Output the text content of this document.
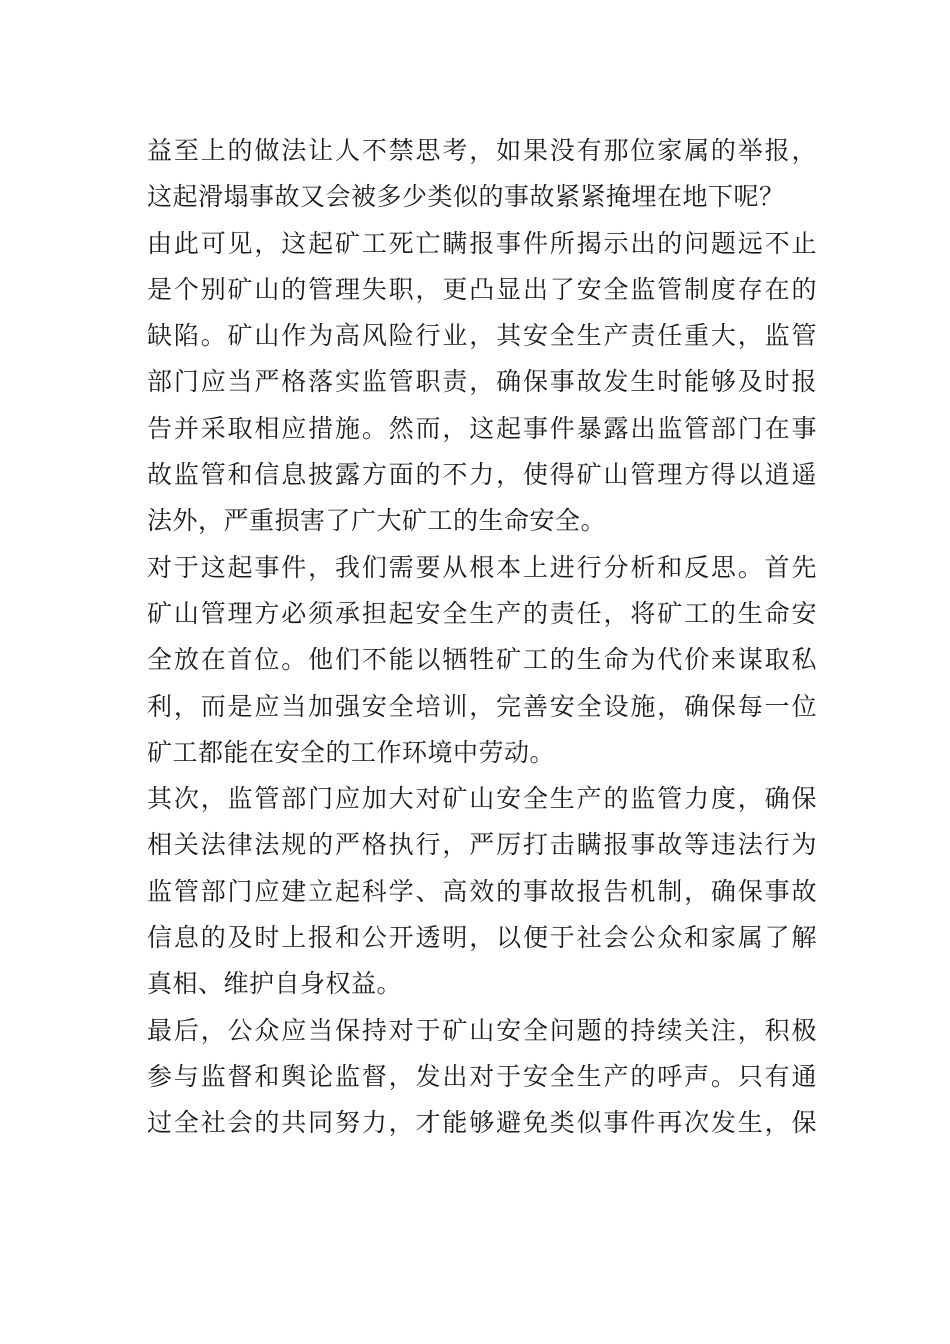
益至上的做法让人不禁思考，如果没有那位家属的举报，
这起滑塌事故又会被多少类似的事故紧紧掩埋在地下呢？
由此可见，这起矿工死亡瞒报事件所揭示出的问题远不止
是个别矿山的管理失职，更凸显出了安全监管制度存在的
缺陷。矿山作为高风险行业，其安全生产责任重大，监管
部门应当严格落实监管职责，确保事故发生时能够及时报
告并采取相应措施。然而，这起事件暴露出监管部门在事
故监管和信息披露方面的不力，使得矿山管理方得以逍遥
法外，严重损害了广大矿工的生命安全。
对于这起事件，我们需要从根本上进行分析和反思。首先
矿山管理方必须承担起安全生产的责任，将矿工的生命安
全放在首位。他们不能以牺牲矿工的生命为代价来谋取私
利，而是应当加强安全培训，完善安全设施，确保每一位
矿工都能在安全的工作环境中劳动。
其次，监管部门应加大对矿山安全生产的监管力度，确保
相关法律法规的严格执行，严厉打击瞒报事故等违法行为
监管部门应建立起科学、高效的事故报告机制，确保事故
信息的及时上报和公开透明，以便于社会公众和家属了解
真相、维护自身权益。
最后，公众应当保持对于矿山安全问题的持续关注，积极
参与监督和舆论监督，发出对于安全生产的呼声。只有通
过全社会的共同努力，才能够避免类似事件再次发生，保
